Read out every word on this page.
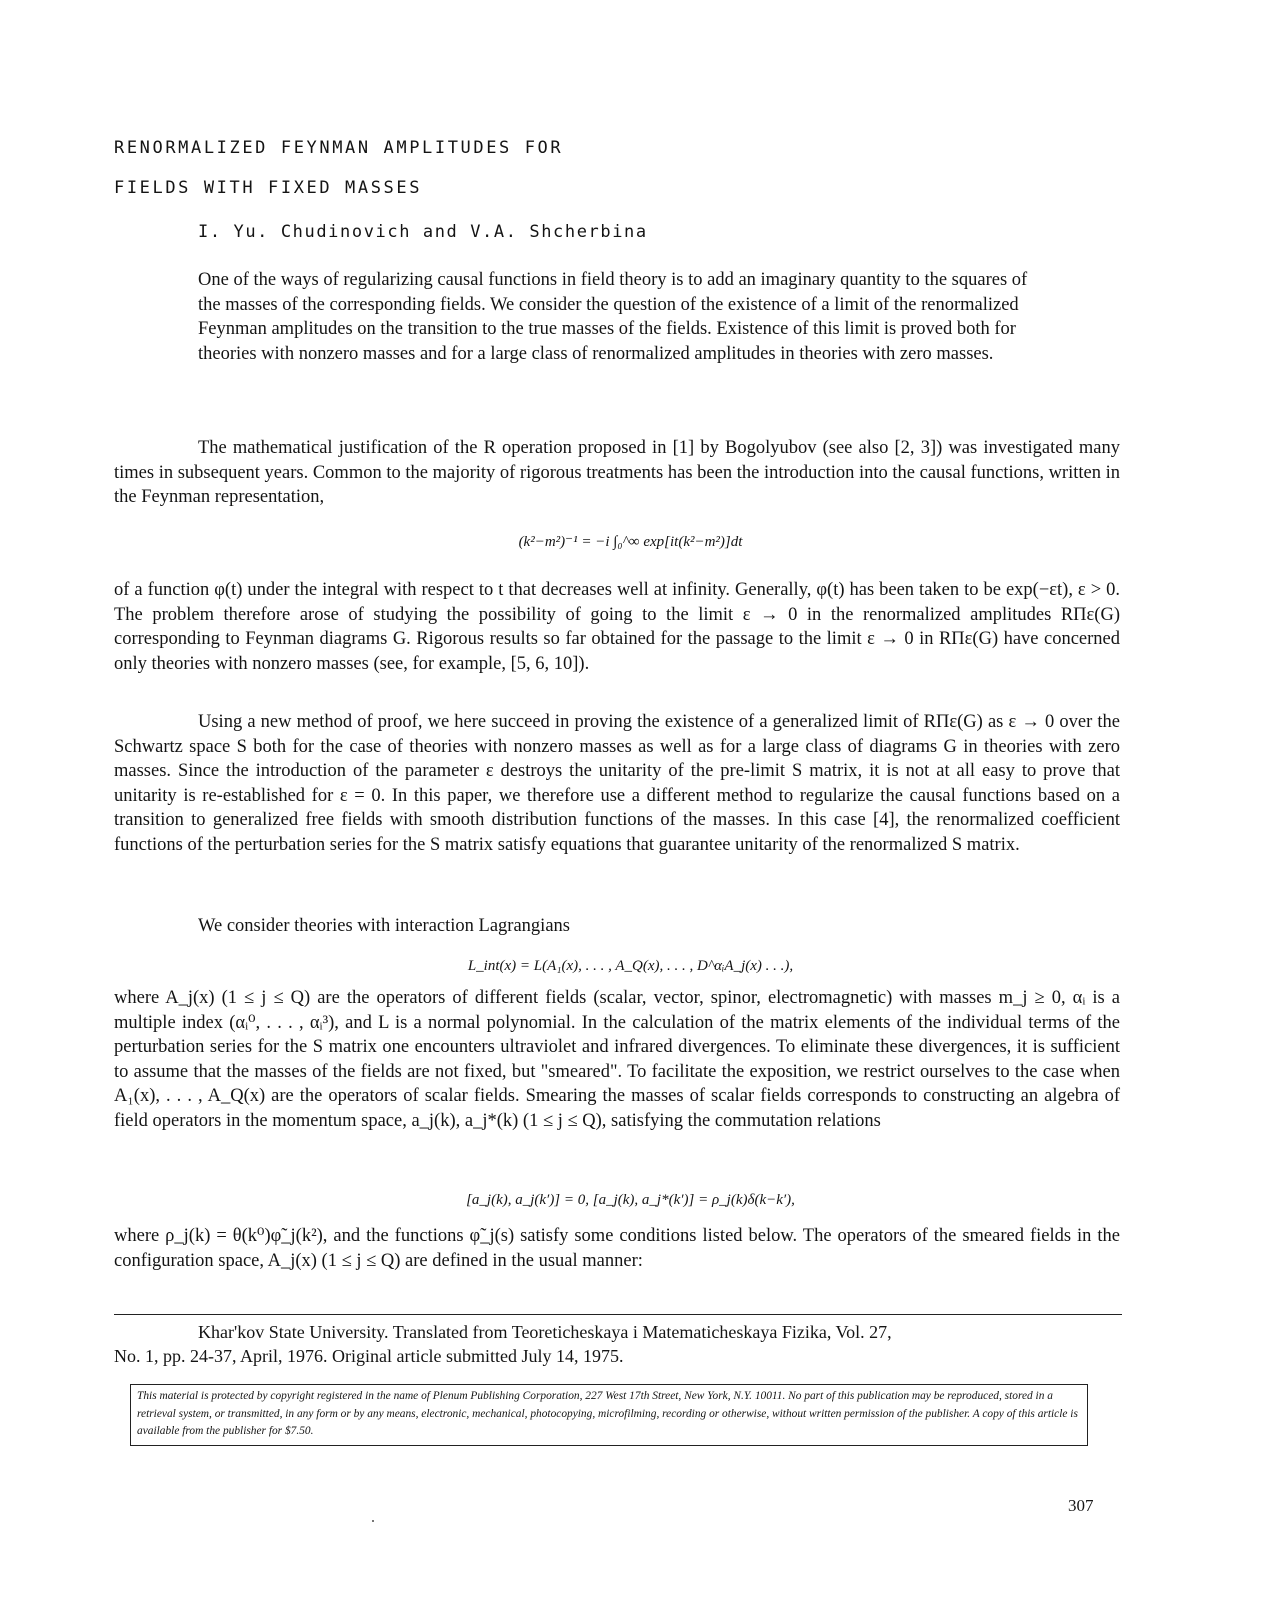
RENORMALIZED FEYNMAN AMPLITUDES FOR
FIELDS WITH FIXED MASSES
I. Yu. Chudinovich and V.A. Shcherbina

One of the ways of regularizing causal functions in field theory is to add an imaginary quantity to the squares of the masses of the corresponding fields. We consider the question of the existence of a limit of the renormalized Feynman amplitudes on the transition to the true masses of the fields. Existence of this limit is proved both for theories with nonzero masses and for a large class of renormalized amplitudes in theories with zero masses.

The mathematical justification of the R operation proposed in [1] by Bogolyubov (see also [2, 3]) was investigated many times in subsequent years. Common to the majority of rigorous treatments has been the introduction into the causal functions, written in the Feynman representation,

(k²−m²)⁻¹ = −i ∫₀^∞ exp[it(k²−m²)]dt

of a function φ(t) under the integral with respect to t that decreases well at infinity. Generally, φ(t) has been taken to be exp(−εt), ε > 0. The problem therefore arose of studying the possibility of going to the limit ε → 0 in the renormalized amplitudes RΠε(G) corresponding to Feynman diagrams G. Rigorous results so far obtained for the passage to the limit ε → 0 in RΠε(G) have concerned only theories with nonzero masses (see, for example, [5, 6, 10]).

Using a new method of proof, we here succeed in proving the existence of a generalized limit of RΠε(G) as ε → 0 over the Schwartz space S both for the case of theories with nonzero masses as well as for a large class of diagrams G in theories with zero masses. Since the introduction of the parameter ε destroys the unitarity of the pre-limit S matrix, it is not at all easy to prove that unitarity is re-established for ε = 0. In this paper, we therefore use a different method to regularize the causal functions based on a transition to generalized free fields with smooth distribution functions of the masses. In this case [4], the renormalized coefficient functions of the perturbation series for the S matrix satisfy equations that guarantee unitarity of the renormalized S matrix.

We consider theories with interaction Lagrangians

L_int(x) = L(A₁(x), . . . , A_Q(x), . . . , D^αᵢA_j(x) . . .),

where A_j(x) (1 ≤ j ≤ Q) are the operators of different fields (scalar, vector, spinor, electromagnetic) with masses m_j ≥ 0, αᵢ is a multiple index (αᵢ⁰, . . . , αᵢ³), and L is a normal polynomial. In the calculation of the matrix elements of the individual terms of the perturbation series for the S matrix one encounters ultraviolet and infrared divergences. To eliminate these divergences, it is sufficient to assume that the masses of the fields are not fixed, but "smeared". To facilitate the exposition, we restrict ourselves to the case when A₁(x), . . . , A_Q(x) are the operators of scalar fields. Smearing the masses of scalar fields corresponds to constructing an algebra of field operators in the momentum space, a_j(k), a_j*(k) (1 ≤ j ≤ Q), satisfying the commutation relations

[a_j(k), a_j(k′)] = 0, [a_j(k), a_j*(k′)] = ρ_j(k)δ(k−k′),

where ρ_j(k) = θ(k⁰)φ̃_j(k²), and the functions φ̃_j(s) satisfy some conditions listed below. The operators of the smeared fields in the configuration space, A_j(x) (1 ≤ j ≤ Q) are defined in the usual manner:

Khar'kov State University. Translated from Teoreticheskaya i Matematicheskaya Fizika, Vol. 27,
No. 1, pp. 24-37, April, 1976. Original article submitted July 14, 1975.
This material is protected by copyright registered in the name of Plenum Publishing Corporation, 227 West 17th Street, New York, N.Y. 10011. No part of this publication may be reproduced, stored in a retrieval system, or transmitted, in any form or by any means, electronic, mechanical, photocopying, microfilming, recording or otherwise, without written permission of the publisher. A copy of this article is available from the publisher for $7.50.
307
